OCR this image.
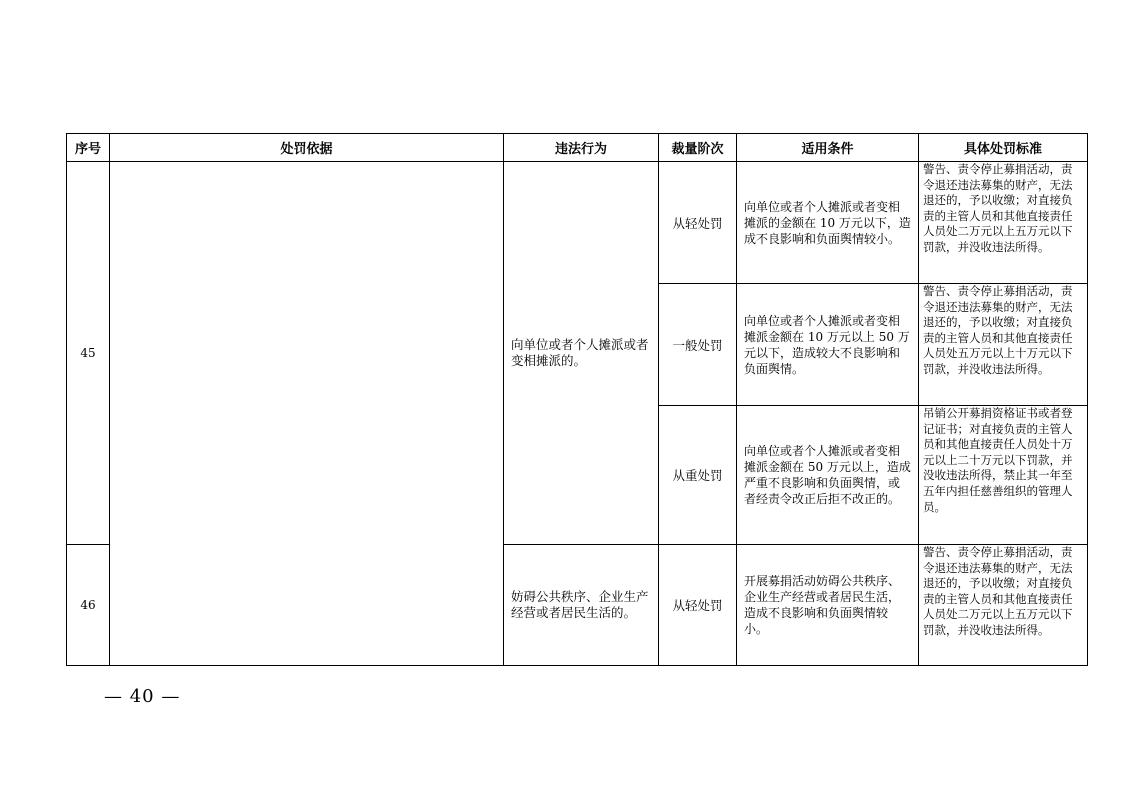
序号	处罚依据	违法行为	裁量阶次	适用条件	具体处罚标准
45		向单位或者个人摊派或者变相摊派的。	从轻处罚	向单位或者个人摊派或者变相摊派的金额在 10 万元以下，造成不良影响和负面舆情较小。	警告、责令停止募捐活动，责令退还违法募集的财产，无法退还的，予以收缴；对直接负责的主管人员和其他直接责任人员处二万元以上五万元以下罚款，并没收违法所得。
			一般处罚	向单位或者个人摊派或者变相摊派金额在 10 万元以上 50 万元以下，造成较大不良影响和负面舆情。	警告、责令停止募捐活动，责令退还违法募集的财产，无法退还的，予以收缴；对直接负责的主管人员和其他直接责任人员处五万元以上十万元以下罚款，并没收违法所得。
			从重处罚	向单位或者个人摊派或者变相摊派金额在 50 万元以上，造成严重不良影响和负面舆情，或者经责令改正后拒不改正的。	吊销公开募捐资格证书或者登记证书；对直接负责的主管人员和其他直接责任人员处十万元以上二十万元以下罚款，并没收违法所得，禁止其一年至五年内担任慈善组织的管理人员。
46		妨碍公共秩序、企业生产经营或者居民生活的。	从轻处罚	开展募捐活动妨碍公共秩序、企业生产经营或者居民生活，造成不良影响和负面舆情较小。	警告、责令停止募捐活动，责令退还违法募集的财产，无法退还的，予以收缴；对直接负责的主管人员和其他直接责任人员处二万元以上五万元以下罚款，并没收违法所得。
— 40 —
